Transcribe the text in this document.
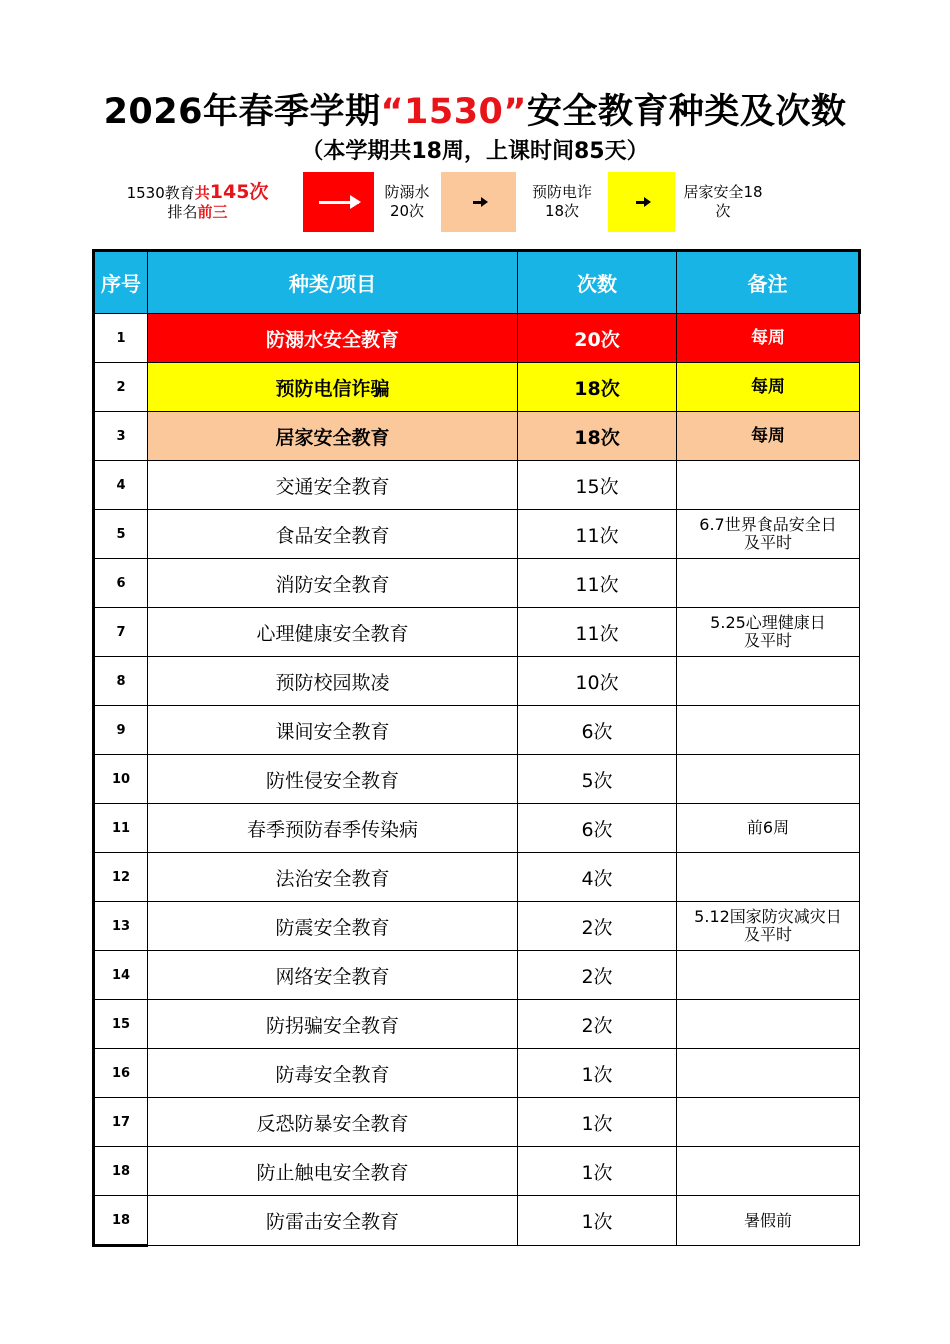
2026年春季学期“1530”安全教育种类及次数
（本学期共18周，上课时间85天）
1530教育共145次
排名前三
防溺水
20次
预防电诈
18次
居家安全18
次
序号	种类/项目	次数	备注
1	防溺水安全教育	20次	每周

2	预防电信诈骗	18次	每周

3	居家安全教育	18次	每周

4	交通安全教育	15次	

5	食品安全教育	11次	6.7世界食品安全日
及平时

6	消防安全教育	11次	

7	心理健康安全教育	11次	5.25心理健康日
及平时

8	预防校园欺凌	10次	

9	课间安全教育	6次	

10	防性侵安全教育	5次	

11	春季预防春季传染病	6次	前6周

12	法治安全教育	4次	

13	防震安全教育	2次	5.12国家防灾减灾日
及平时

14	网络安全教育	2次	

15	防拐骗安全教育	2次	

16	防毒安全教育	1次	

17	反恐防暴安全教育	1次	

18	防止触电安全教育	1次	

18	防雷击安全教育	1次	暑假前
